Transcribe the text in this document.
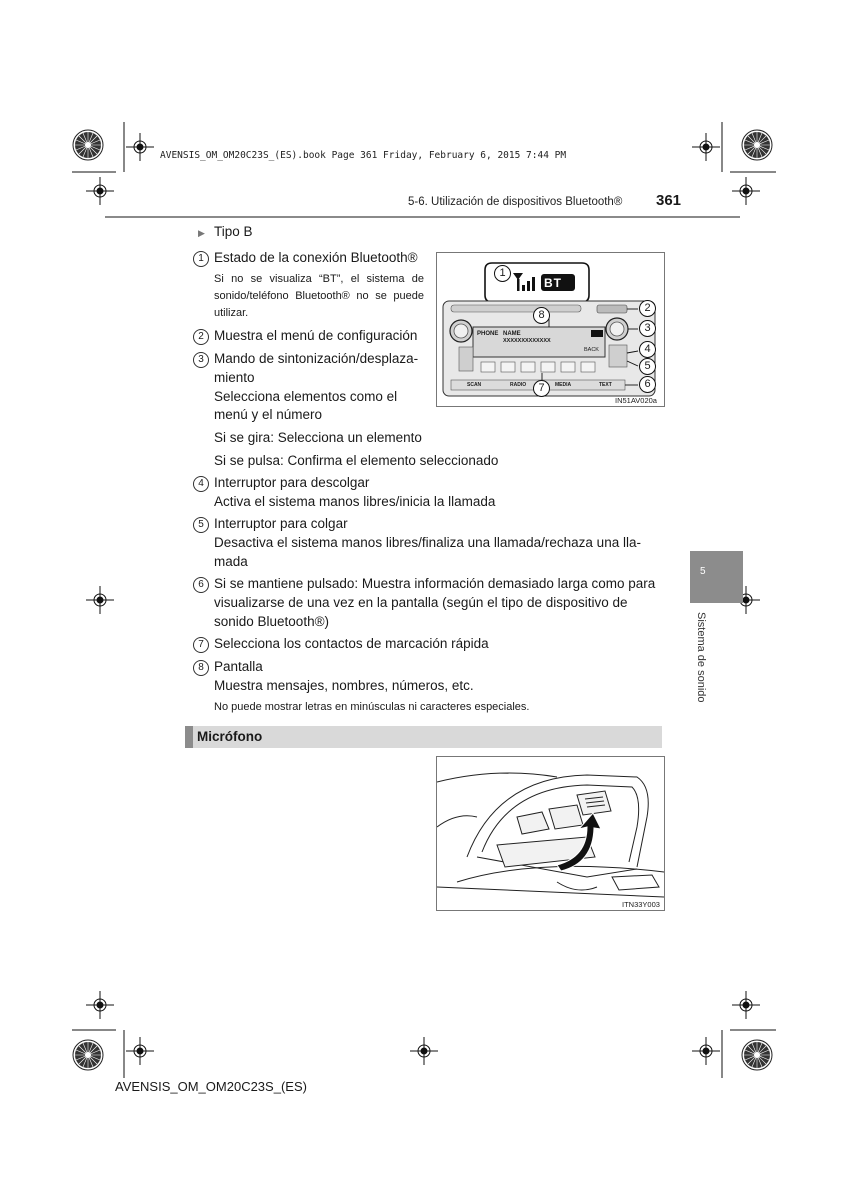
AVENSIS_OM_OM20C23S_(ES).book Page 361 Friday, February 6, 2015 7:44 PM
5-6. Utilización de dispositivos Bluetooth® 361
▶ Tipo B
1 Estado de la conexión Bluetooth®
Si no se visualiza “BT”, el sistema de sonido/teléfono Bluetooth® no se puede utilizar.
2 Muestra el menú de configuración
3 Mando de sintonización/desplaza-
miento
Selecciona elementos como el
menú y el número
Si se gira: Selecciona un elemento
Si se pulsa: Confirma el elemento seleccionado
4 Interruptor para descolgar
Activa el sistema manos libres/inicia la llamada
5 Interruptor para colgar
Desactiva el sistema manos libres/finaliza una llamada/rechaza una lla-
mada
6 Si se mantiene pulsado: Muestra información demasiado larga como para
visualizarse de una vez en la pantalla (según el tipo de dispositivo de
sonido Bluetooth®)
7 Selecciona los contactos de marcación rápida
8 Pantalla
Muestra mensajes, nombres, números, etc.
No puede mostrar letras en minúsculas ni caracteres especiales.
1
BT
2
3
4
5
6
7
8
PHONE NAME
XXXXXXXXXXXXX
BACK
SCAN	RADIO	MEDIA	TEXT
IN51AV020a
Micrófono
ITN33Y003
5
Sistema de sonido
AVENSIS_OM_OM20C23S_(ES)
